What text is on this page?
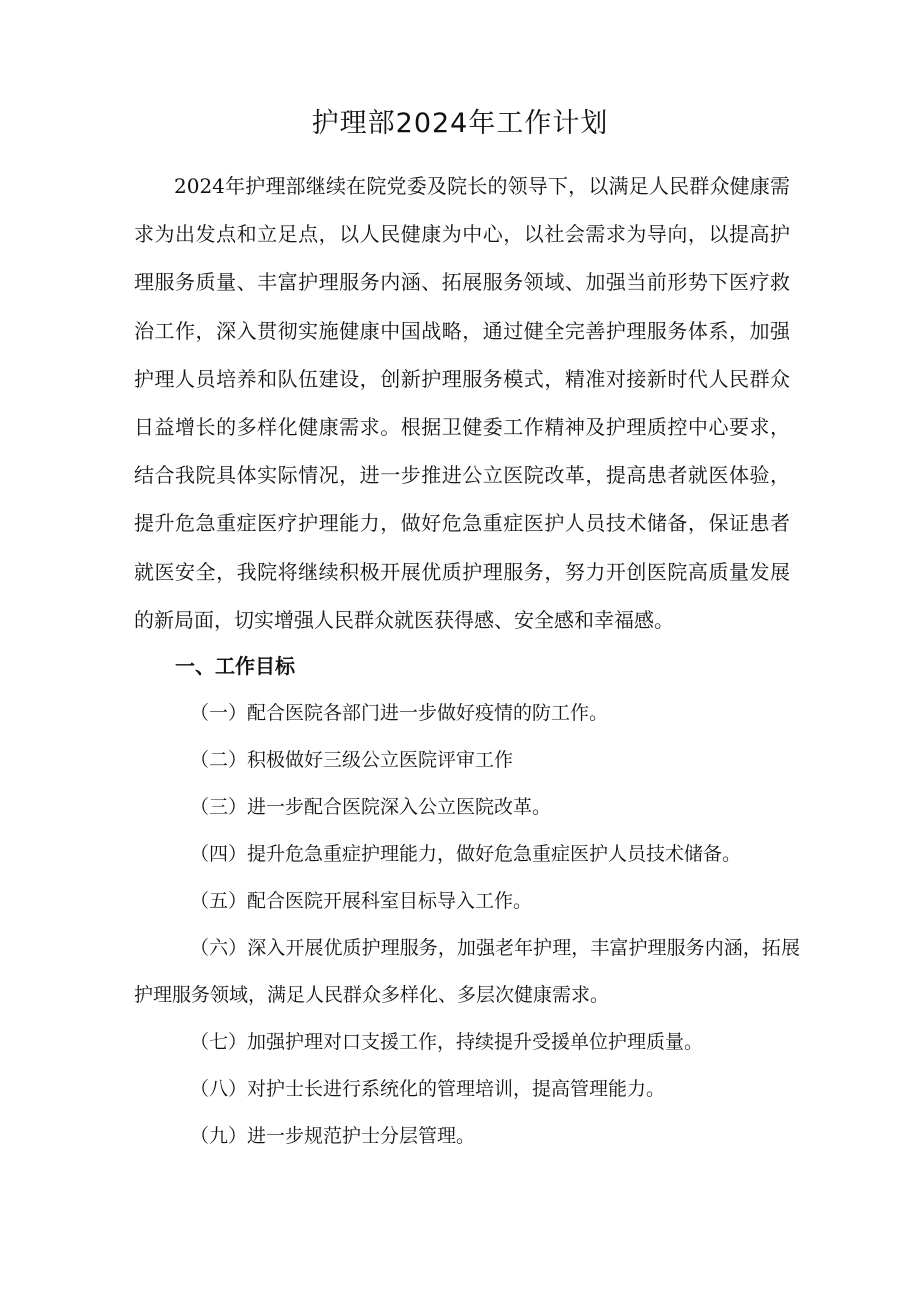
护理部2024年工作计划

2024年护理部继续在院党委及院长的领导下，以满足人民群众健康需求为出发点和立足点，以人民健康为中心，以社会需求为导向，以提高护理服务质量、丰富护理服务内涵、拓展服务领域、加强当前形势下医疗救治工作，深入贯彻实施健康中国战略，通过健全完善护理服务体系，加强护理人员培养和队伍建设，创新护理服务模式，精准对接新时代人民群众日益增长的多样化健康需求。根据卫健委工作精神及护理质控中心要求，结合我院具体实际情况，进一步推进公立医院改革，提高患者就医体验，提升危急重症医疗护理能力，做好危急重症医护人员技术储备，保证患者就医安全，我院将继续积极开展优质护理服务，努力开创医院高质量发展的新局面，切实增强人民群众就医获得感、安全感和幸福感。

一、工作目标

（一）配合医院各部门进一步做好疫情的防工作。

（二）积极做好三级公立医院评审工作

（三）进一步配合医院深入公立医院改革。

（四）提升危急重症护理能力，做好危急重症医护人员技术储备。

（五）配合医院开展科室目标导入工作。

（六）深入开展优质护理服务，加强老年护理，丰富护理服务内涵，拓展护理服务领域，满足人民群众多样化、多层次健康需求。

（七）加强护理对口支援工作，持续提升受援单位护理质量。

（八）对护士长进行系统化的管理培训，提高管理能力。

（九）进一步规范护士分层管理。
